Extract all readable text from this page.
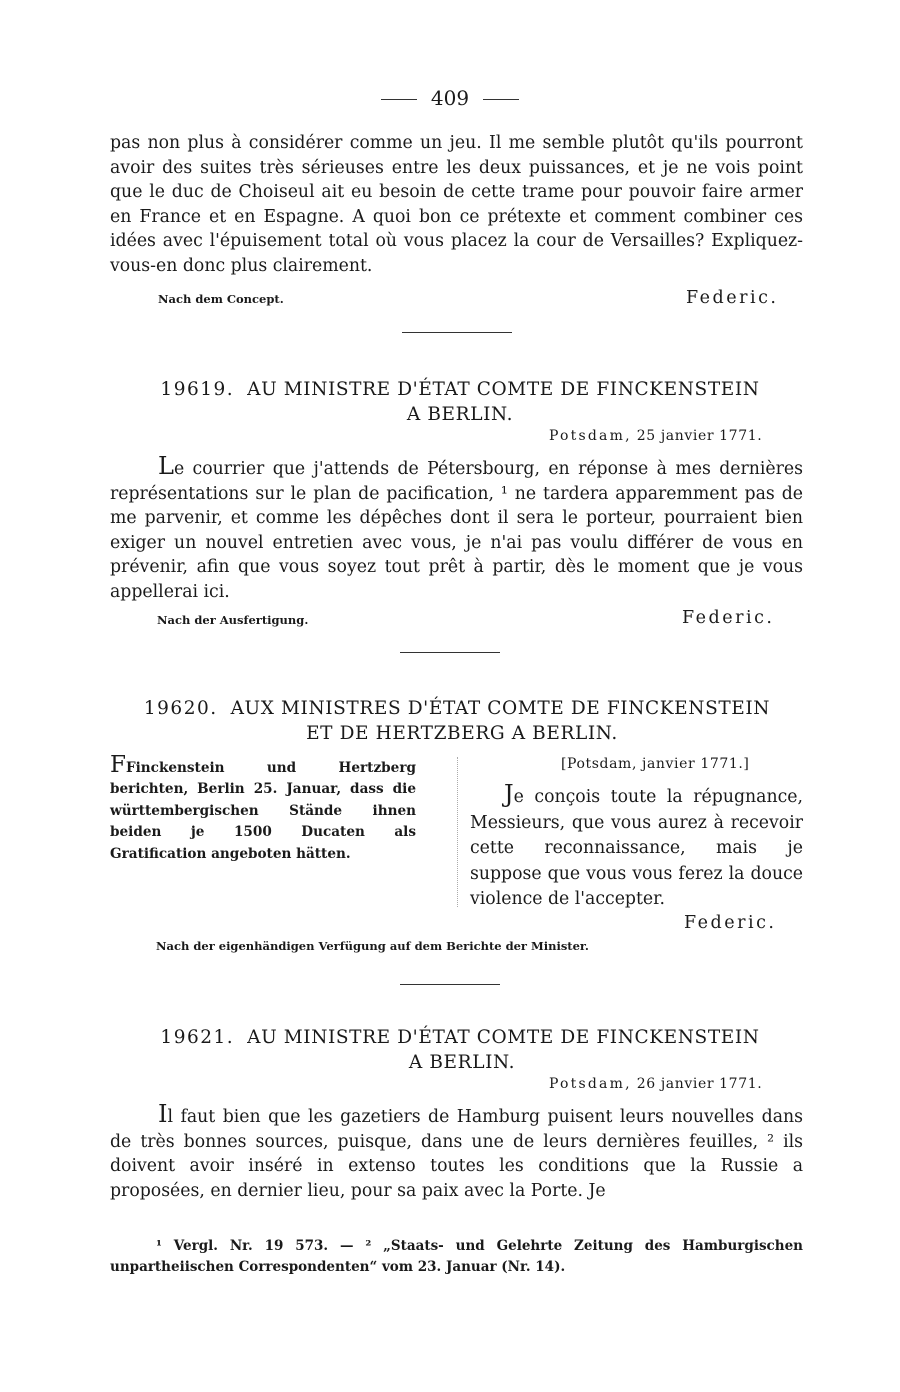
409
pas non plus à considérer comme un jeu. Il me semble plutôt qu'ils pourront avoir des suites très sérieuses entre les deux puissances, et je ne vois point que le duc de Choiseul ait eu besoin de cette trame pour pouvoir faire armer en France et en Espagne. A quoi bon ce prétexte et comment combiner ces idées avec l'épuisement total où vous placez la cour de Versailles? Expliquez-vous-en donc plus clairement.
Nach dem Concept.	Federic.
19619. AU MINISTRE D'ÉTAT COMTE DE FINCKENSTEIN
A BERLIN.
Potsdam, 25 janvier 1771.
Le courrier que j'attends de Pétersbourg, en réponse à mes dernières représentations sur le plan de pacification, ¹ ne tardera apparemment pas de me parvenir, et comme les dépêches dont il sera le porteur, pourraient bien exiger un nouvel entretien avec vous, je n'ai pas voulu différer de vous en prévenir, afin que vous soyez tout prêt à partir, dès le moment que je vous appellerai ici.
Nach der Ausfertigung.	Federic.
19620. AUX MINISTRES D'ÉTAT COMTE DE FINCKENSTEIN
ET DE HERTZBERG A BERLIN.
FFinckenstein und Hertzberg berichten, Berlin 25. Januar, dass die württembergischen Stände ihnen beiden je 1500 Ducaten als Gratification angeboten hätten.
[Potsdam, janvier 1771.]
Je conçois toute la répugnance, Messieurs, que vous aurez à recevoir cette reconnaissance, mais je suppose que vous vous ferez la douce violence de l'accepter.
Federic.
Nach der eigenhändigen Verfügung auf dem Berichte der Minister.
19621. AU MINISTRE D'ÉTAT COMTE DE FINCKENSTEIN
A BERLIN.
Potsdam, 26 janvier 1771.
Il faut bien que les gazetiers de Hamburg puisent leurs nouvelles dans de très bonnes sources, puisque, dans une de leurs dernières feuilles, ² ils doivent avoir inséré in extenso toutes les conditions que la Russie a proposées, en dernier lieu, pour sa paix avec la Porte. Je
¹ Vergl. Nr. 19 573. — ² „Staats- und Gelehrte Zeitung des Hamburgischen unpartheiischen Correspondenten“ vom 23. Januar (Nr. 14).
